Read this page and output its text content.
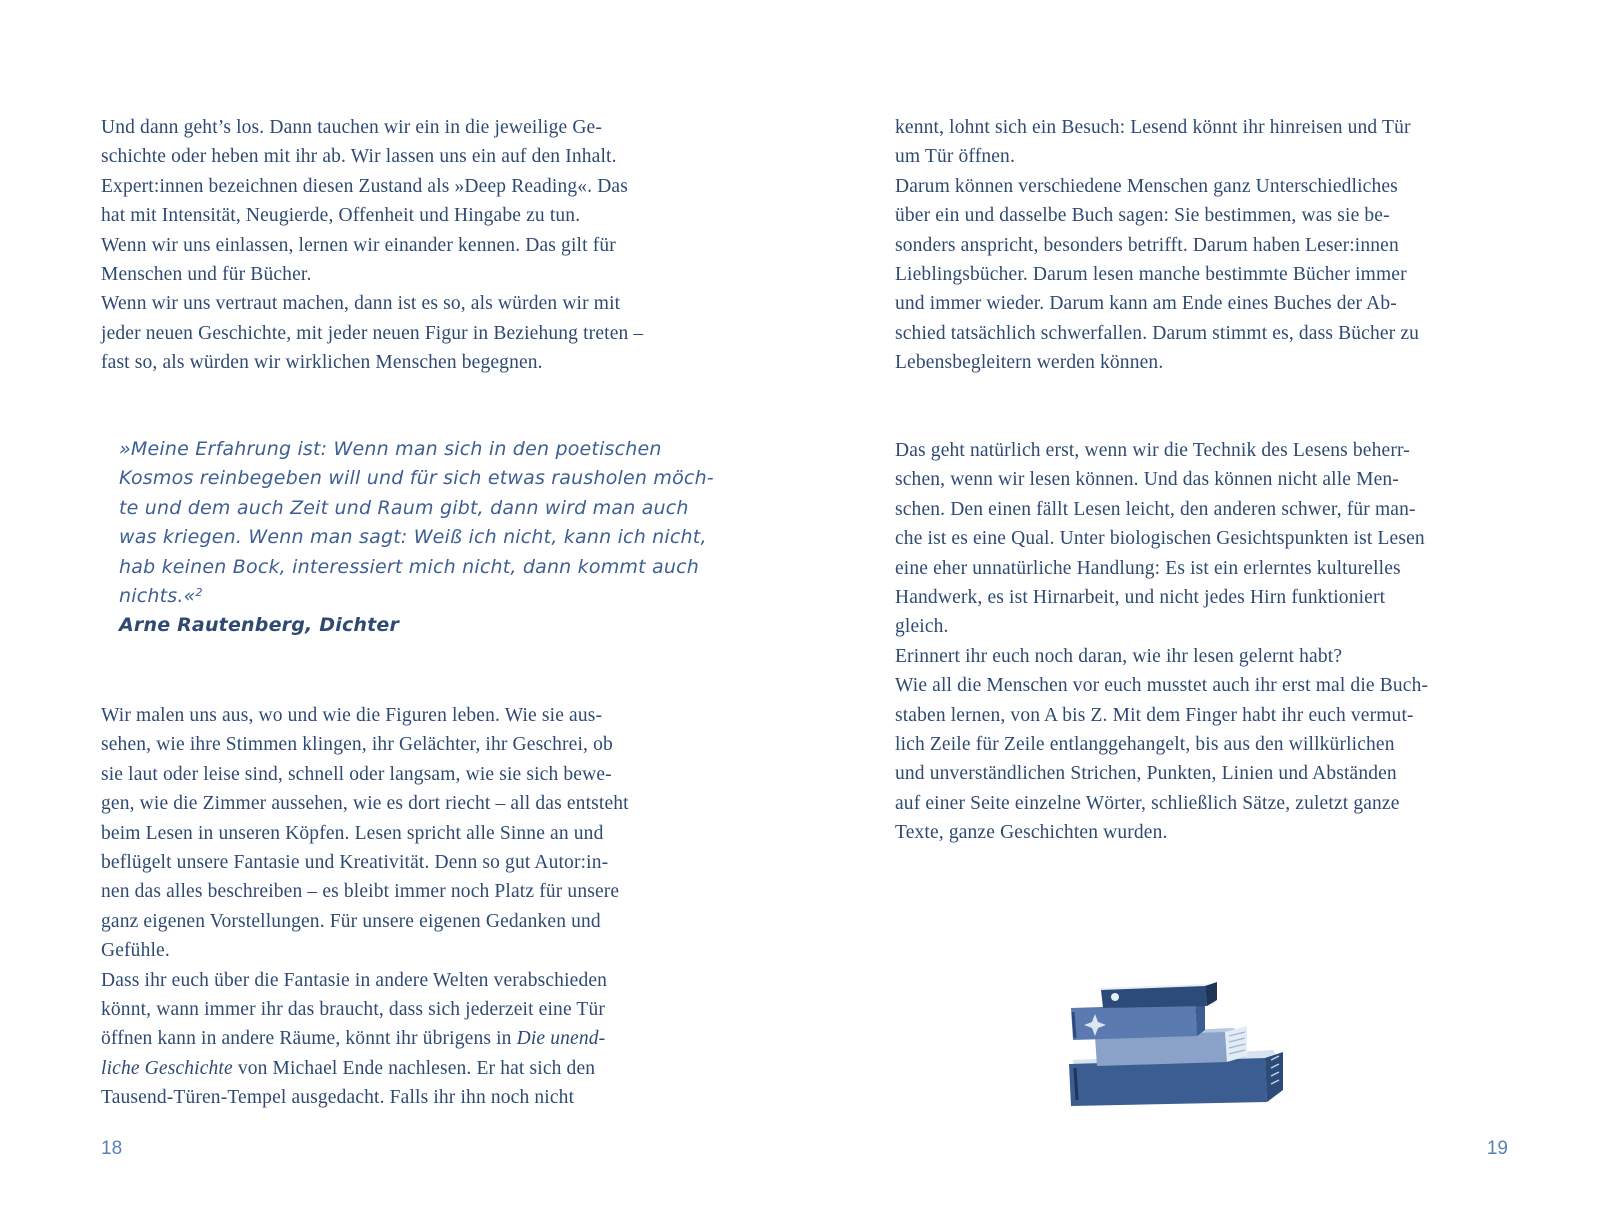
Und dann geht’s los. Dann tauchen wir ein in die jeweilige Ge-
schichte oder heben mit ihr ab. Wir lassen uns ein auf den Inhalt.
Expert:innen bezeichnen diesen Zustand als »Deep Reading«. Das
hat mit Intensität, Neugierde, Offenheit und Hingabe zu tun.
Wenn wir uns einlassen, lernen wir einander kennen. Das gilt für
Menschen und für Bücher.
Wenn wir uns vertraut machen, dann ist es so, als würden wir mit
jeder neuen Geschichte, mit jeder neuen Figur in Beziehung treten –
fast so, als würden wir wirklichen Menschen begegnen.
»Meine Erfahrung ist: Wenn man sich in den poetischen
Kosmos reinbegeben will und für sich etwas rausholen möch-
te und dem auch Zeit und Raum gibt, dann wird man auch
was kriegen. Wenn man sagt: Weiß ich nicht, kann ich nicht,
hab keinen Bock, interessiert mich nicht, dann kommt auch
nichts.«$^2$
Arne Rautenberg, Dichter
Wir malen uns aus, wo und wie die Figuren leben. Wie sie aus-
sehen, wie ihre Stimmen klingen, ihr Gelächter, ihr Geschrei, ob
sie laut oder leise sind, schnell oder langsam, wie sie sich bewe-
gen, wie die Zimmer aussehen, wie es dort riecht – all das entsteht
beim Lesen in unseren Köpfen. Lesen spricht alle Sinne an und
beflügelt unsere Fantasie und Kreativität. Denn so gut Autor:in-
nen das alles beschreiben – es bleibt immer noch Platz für unsere
ganz eigenen Vorstellungen. Für unsere eigenen Gedanken und
Gefühle.
Dass ihr euch über die Fantasie in andere Welten verabschieden
könnt, wann immer ihr das braucht, dass sich jederzeit eine Tür
öffnen kann in andere Räume, könnt ihr übrigens in Die unend-
liche Geschichte von Michael Ende nachlesen. Er hat sich den
Tausend-Türen-Tempel ausgedacht. Falls ihr ihn noch nicht
18
kennt, lohnt sich ein Besuch: Lesend könnt ihr hinreisen und Tür
um Tür öffnen.
Darum können verschiedene Menschen ganz Unterschiedliches
über ein und dasselbe Buch sagen: Sie bestimmen, was sie be-
sonders anspricht, besonders betrifft. Darum haben Leser:innen
Lieblingsbücher. Darum lesen manche bestimmte Bücher immer
und immer wieder. Darum kann am Ende eines Buches der Ab-
schied tatsächlich schwerfallen. Darum stimmt es, dass Bücher zu
Lebensbegleitern werden können.
Das geht natürlich erst, wenn wir die Technik des Lesens beherr-
schen, wenn wir lesen können. Und das können nicht alle Men-
schen. Den einen fällt Lesen leicht, den anderen schwer, für man-
che ist es eine Qual. Unter biologischen Gesichtspunkten ist Lesen
eine eher unnatürliche Handlung: Es ist ein erlerntes kulturelles
Handwerk, es ist Hirnarbeit, und nicht jedes Hirn funktioniert
gleich.
Erinnert ihr euch noch daran, wie ihr lesen gelernt habt?
Wie all die Menschen vor euch musstet auch ihr erst mal die Buch-
staben lernen, von A bis Z. Mit dem Finger habt ihr euch vermut-
lich Zeile für Zeile entlanggehangelt, bis aus den willkürlichen
und unverständlichen Strichen, Punkten, Linien und Abständen
auf einer Seite einzelne Wörter, schließlich Sätze, zuletzt ganze
Texte, ganze Geschichten wurden.
19
